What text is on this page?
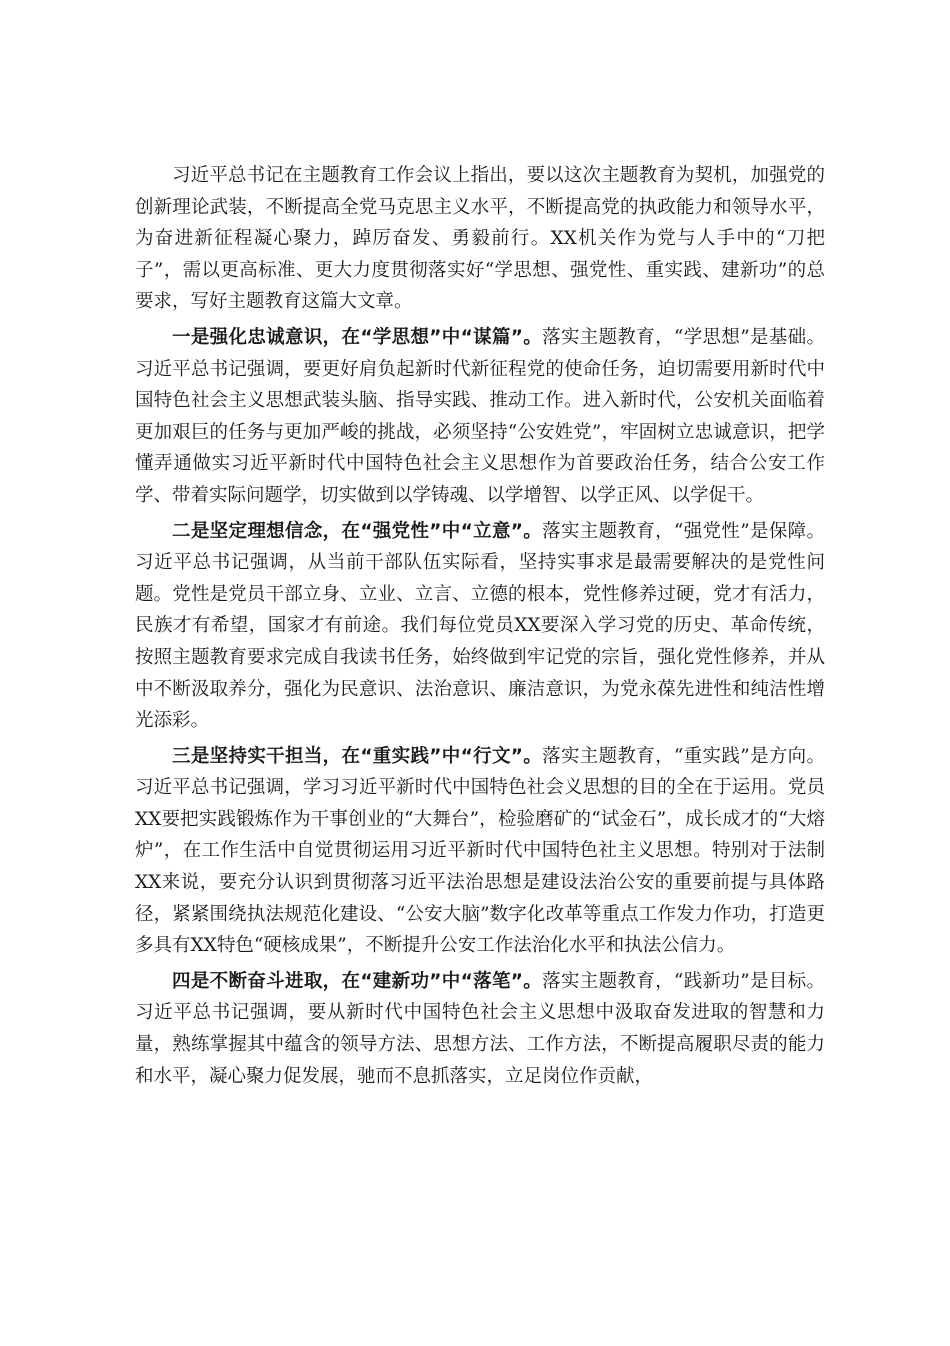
习近平总书记在主题教育工作会议上指出，要以这次主题教育为契机，加强党的创新理论武装，不断提高全党马克思主义水平，不断提高党的执政能力和领导水平，为奋进新征程凝心聚力，踔厉奋发、勇毅前行。XX机关作为党与人手中的“刀把子”，需以更高标准、更大力度贯彻落实好“学思想、强党性、重实践、建新功”的总要求，写好主题教育这篇大文章。

一是强化忠诚意识，在“学思想”中“谋篇”。落实主题教育，“学思想”是基础。习近平总书记强调，要更好肩负起新时代新征程党的使命任务，迫切需要用新时代中国特色社会主义思想武装头脑、指导实践、推动工作。进入新时代，公安机关面临着更加艰巨的任务与更加严峻的挑战，必须坚持“公安姓党”，牢固树立忠诚意识，把学懂弄通做实习近平新时代中国特色社会主义思想作为首要政治任务，结合公安工作学、带着实际问题学，切实做到以学铸魂、以学增智、以学正风、以学促干。

二是坚定理想信念，在“强党性”中“立意”。落实主题教育，“强党性”是保障。习近平总书记强调，从当前干部队伍实际看，坚持实事求是最需要解决的是党性问题。党性是党员干部立身、立业、立言、立德的根本，党性修养过硬，党才有活力，民族才有希望，国家才有前途。我们每位党员XX要深入学习党的历史、革命传统，按照主题教育要求完成自我读书任务，始终做到牢记党的宗旨，强化党性修养，并从中不断汲取养分，强化为民意识、法治意识、廉洁意识，为党永葆先进性和纯洁性增光添彩。

三是坚持实干担当，在“重实践”中“行文”。落实主题教育，“重实践”是方向。习近平总书记强调，学习习近平新时代中国特色社会义思想的目的全在于运用。党员XX要把实践锻炼作为干事创业的“大舞台”，检验磨矿的“试金石”，成长成才的“大熔炉”，在工作生活中自觉贯彻运用习近平新时代中国特色社主义思想。特别对于法制XX来说，要充分认识到贯彻落习近平法治思想是建设法治公安的重要前提与具体路径，紧紧围绕执法规范化建设、“公安大脑”数字化改革等重点工作发力作功，打造更多具有XX特色“硬核成果”，不断提升公安工作法治化水平和执法公信力。

四是不断奋斗进取，在“建新功”中“落笔”。落实主题教育，“践新功”是目标。习近平总书记强调，要从新时代中国特色社会主义思想中汲取奋发进取的智慧和力量，熟练掌握其中蕴含的领导方法、思想方法、工作方法，不断提高履职尽责的能力和水平，凝心聚力促发展，驰而不息抓落实，立足岗位作贡献，
